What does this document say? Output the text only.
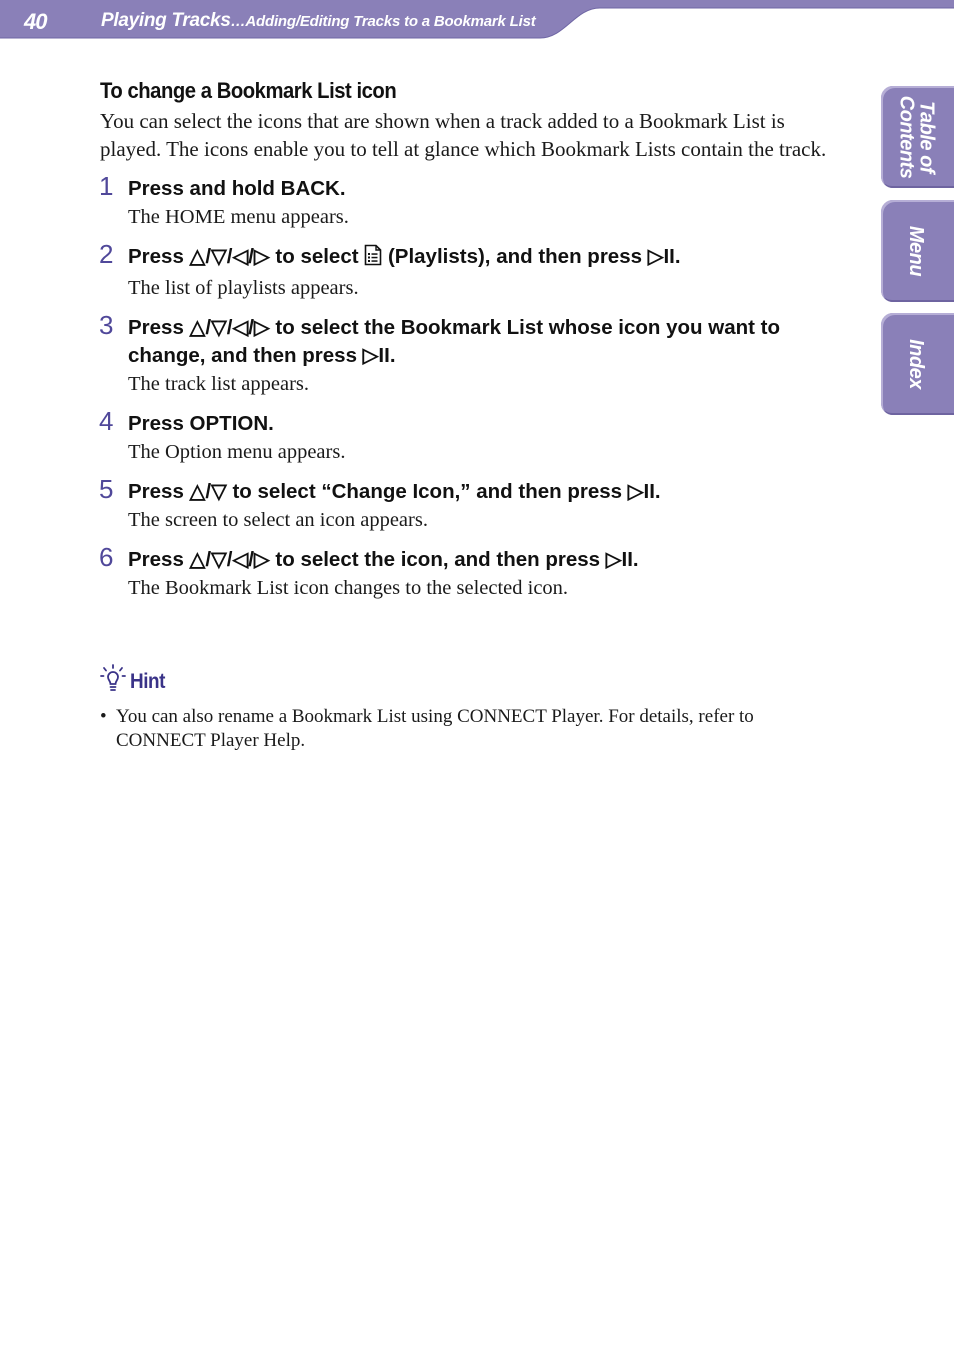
40	Playing Tracks…Adding/Editing Tracks to a Bookmark List
Table of
Contents
Menu
Index
To change a Bookmark List icon

You can select the icons that are shown when a track added to a Bookmark List is played. The icons enable you to tell at glance which Bookmark Lists contain the track.

1 Press and hold BACK.
The HOME menu appears.
2 Press △/▽/◁/▷ to select  (Playlists), and then press ▷II.
The list of playlists appears.
3 Press △/▽/◁/▷ to select the Bookmark List whose icon you want to change, and then press ▷II.
The track list appears.
4 Press OPTION.
The Option menu appears.
5 Press △/▽ to select “Change Icon,” and then press ▷II.
The screen to select an icon appears.
6 Press △/▽/◁/▷ to select the icon, and then press ▷II.
The Bookmark List icon changes to the selected icon.
Hint
• You can also rename a Bookmark List using CONNECT Player. For details, refer to CONNECT Player Help.
